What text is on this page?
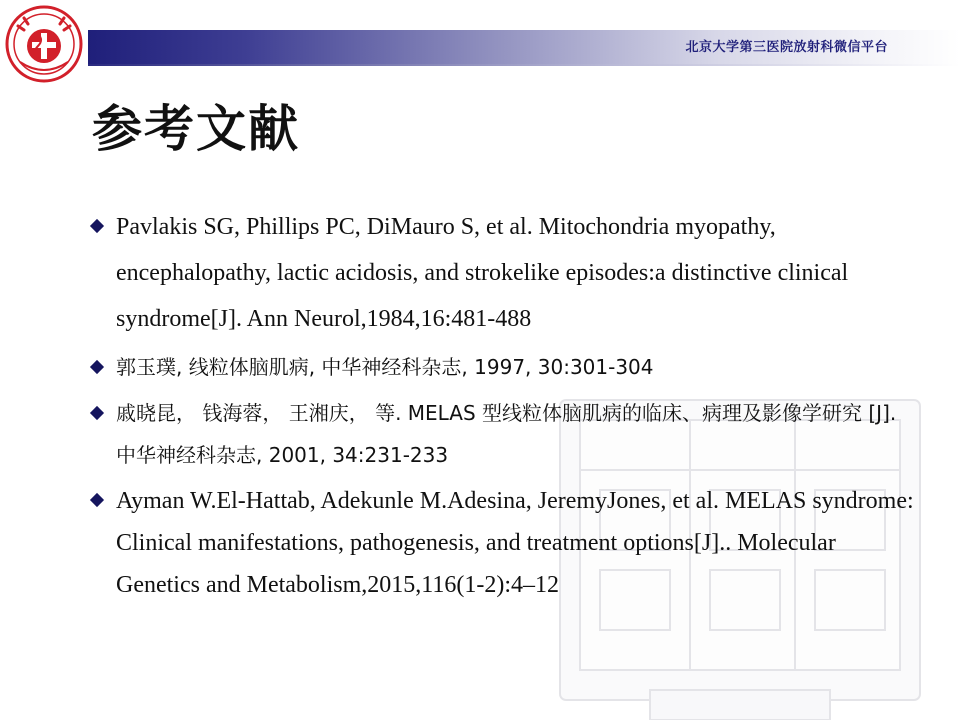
北京大学第三医院放射科微信平台
参考文献
Pavlakis SG, Phillips PC, DiMauro S, et al. Mitochondria myopathy, encephalopathy, lactic acidosis, and strokelike episodes:a distinctive clinical syndrome[J]. Ann Neurol,1984,16:481-488
郭玉璞, 线粒体脑肌病, 中华神经科杂志, 1997, 30:301-304
戚晓昆， 钱海蓉， 王湘庆， 等. MELAS 型线粒体脑肌病的临床、病理及影像学研究 [J]. 中华神经科杂志, 2001, 34:231-233
Ayman W.El-Hattab, Adekunle M.Adesina, JeremyJones, et al. MELAS syndrome: Clinical manifestations, pathogenesis, and treatment options[J].. Molecular Genetics and Metabolism,2015,116(1-2):4–12
